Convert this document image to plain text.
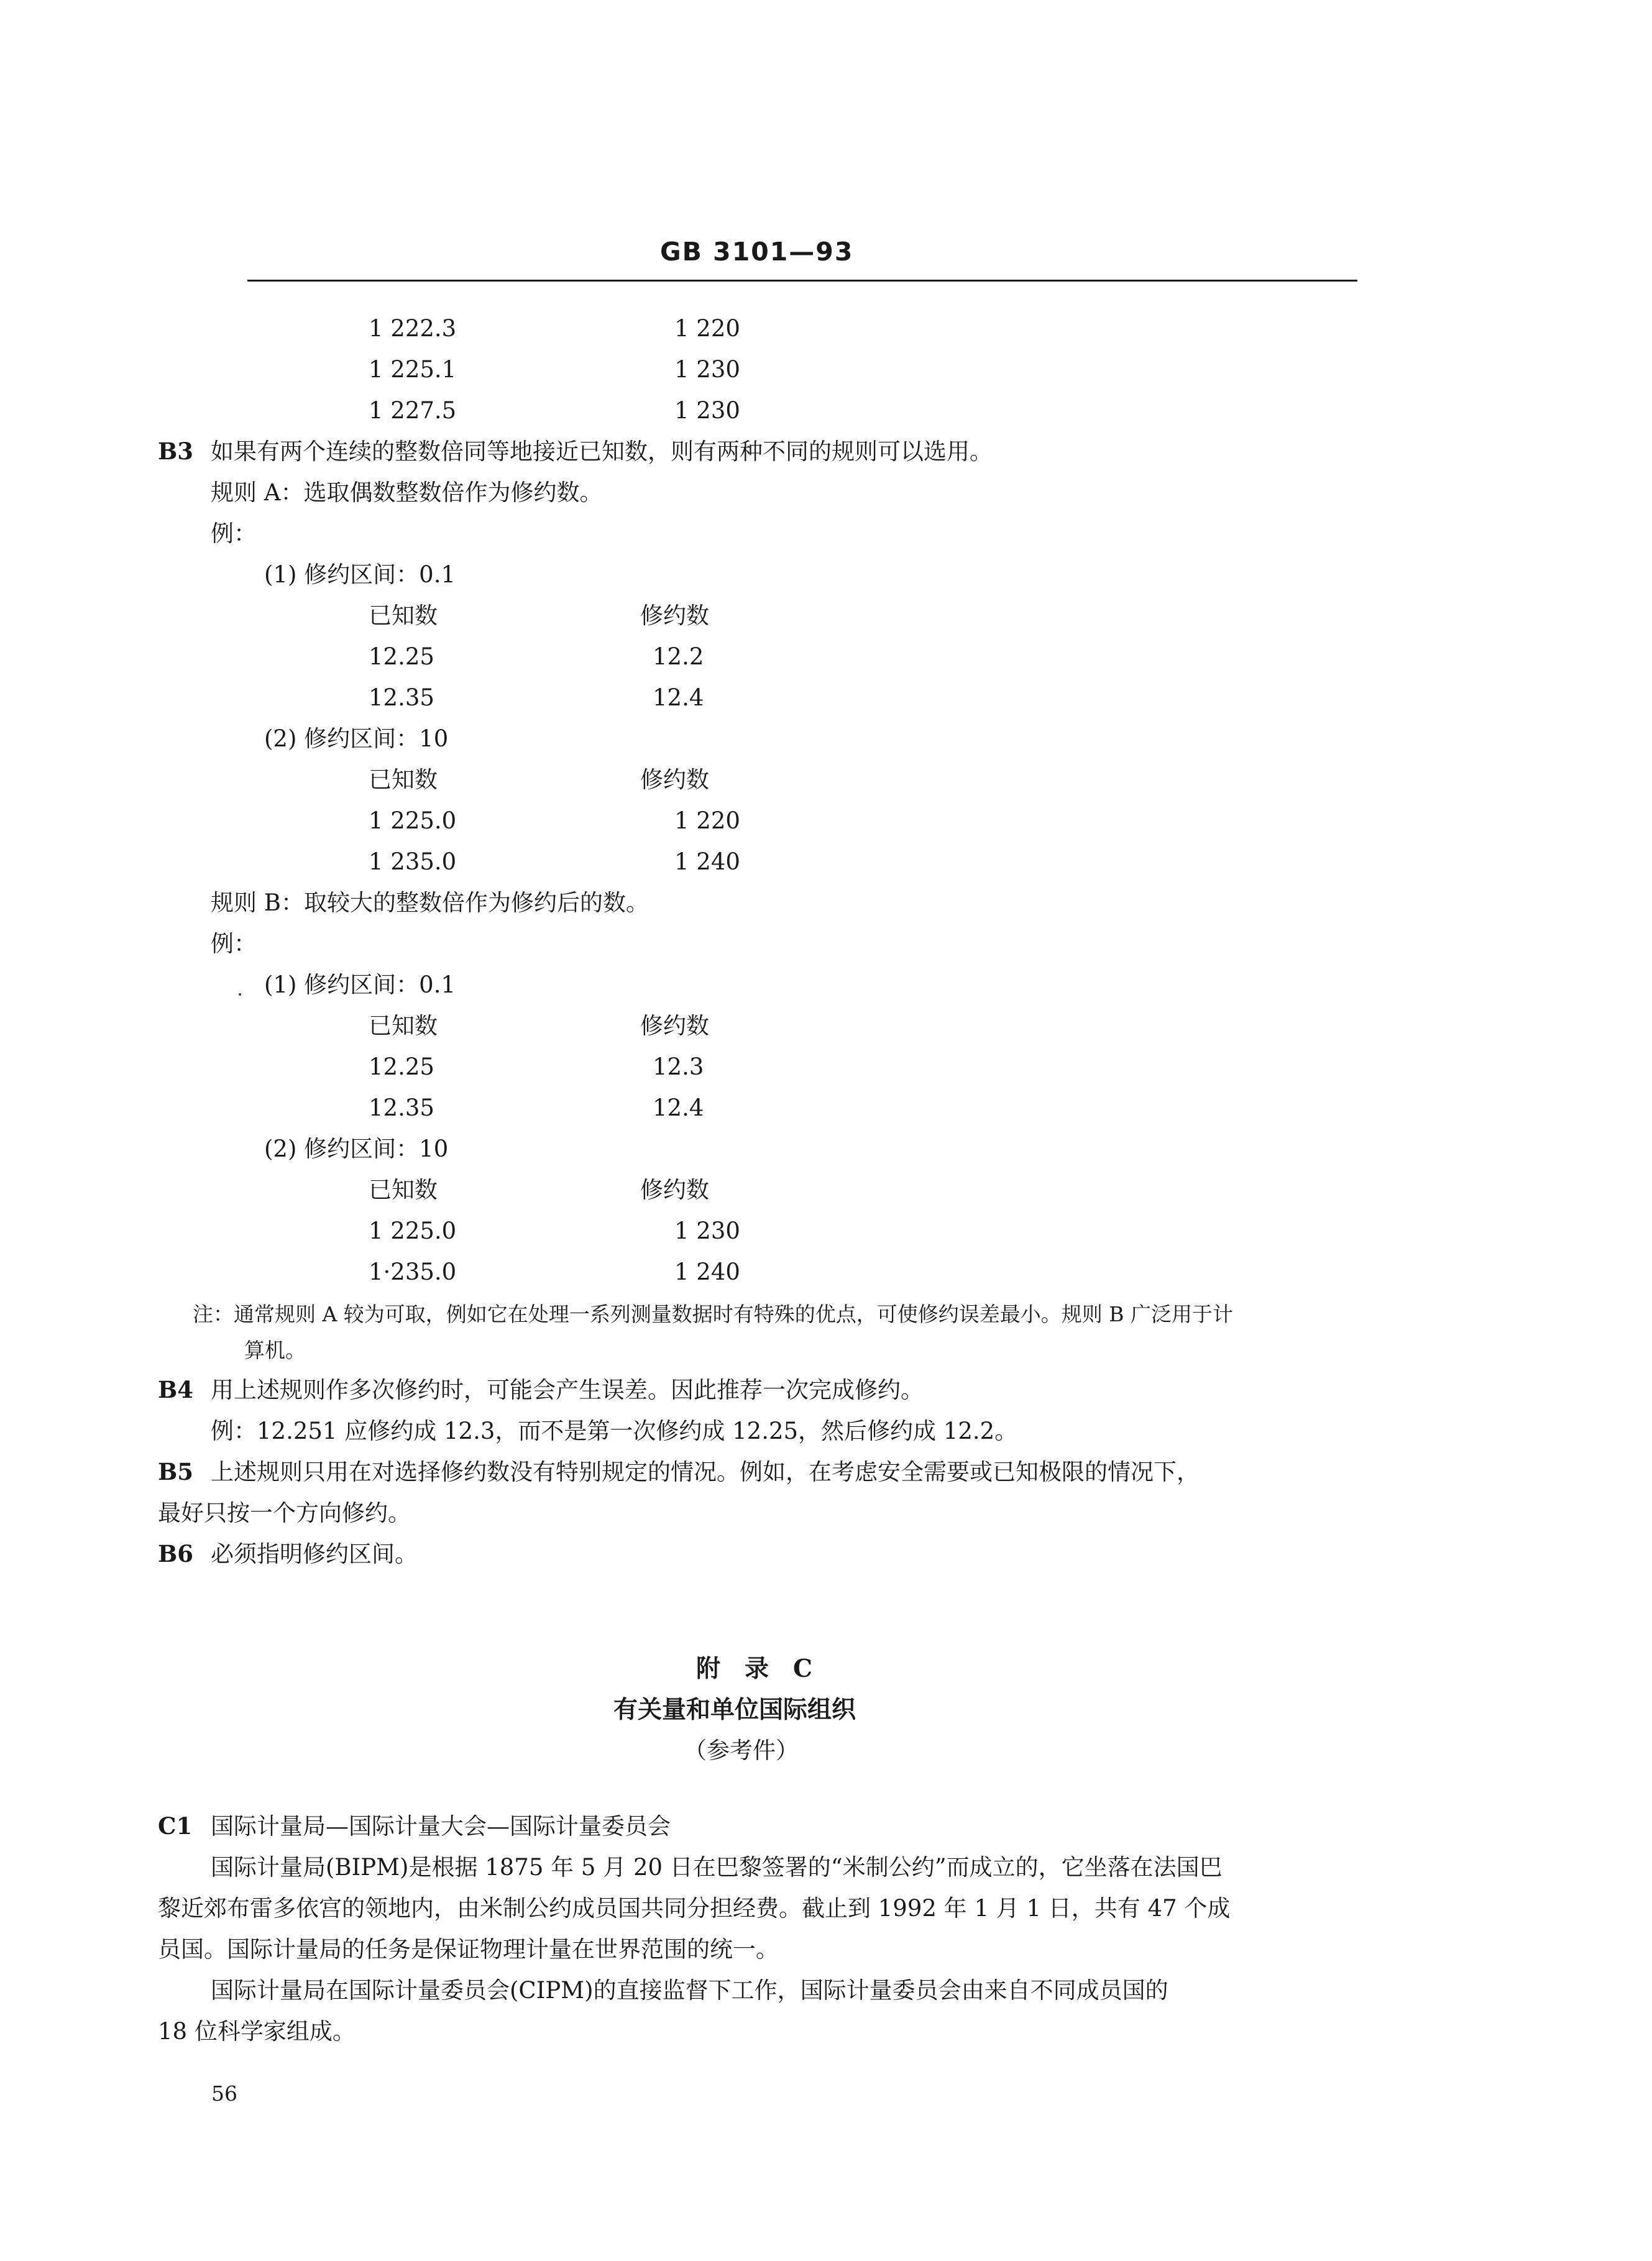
GB 3101—93
1 222.3	1 220
1 225.1	1 230
1 227.5	1 230
B3 如果有两个连续的整数倍同等地接近已知数，则有两种不同的规则可以选用。
规则 A：选取偶数整数倍作为修约数。
例：
(1) 修约区间：0.1
已知数	修约数
12.25	12.2
12.35	12.4
(2) 修约区间：10
已知数	修约数
1 225.0	1 220
1 235.0	1 240
规则 B：取较大的整数倍作为修约后的数。
例：
(1) 修约区间：0.1
已知数	修约数
12.25	12.3
12.35	12.4
(2) 修约区间：10
已知数	修约数
1 225.0	1 230
1·235.0	1 240
注：通常规则 A 较为可取，例如它在处理一系列测量数据时有特殊的优点，可使修约误差最小。规则 B 广泛用于计
算机。
B4 用上述规则作多次修约时，可能会产生误差。因此推荐一次完成修约。
例：12.251 应修约成 12.3，而不是第一次修约成 12.25，然后修约成 12.2。
B5 上述规则只用在对选择修约数没有特别规定的情况。例如，在考虑安全需要或已知极限的情况下，
最好只按一个方向修约。
B6 必须指明修约区间。
附　录　C
有关量和单位国际组织
（参考件）
C1 国际计量局—国际计量大会—国际计量委员会
国际计量局(BIPM)是根据 1875 年 5 月 20 日在巴黎签署的“米制公约”而成立的，它坐落在法国巴
黎近郊布雷多依宫的领地内，由米制公约成员国共同分担经费。截止到 1992 年 1 月 1 日，共有 47 个成
员国。国际计量局的任务是保证物理计量在世界范围的统一。
国际计量局在国际计量委员会(CIPM)的直接监督下工作，国际计量委员会由来自不同成员国的
18 位科学家组成。
56
